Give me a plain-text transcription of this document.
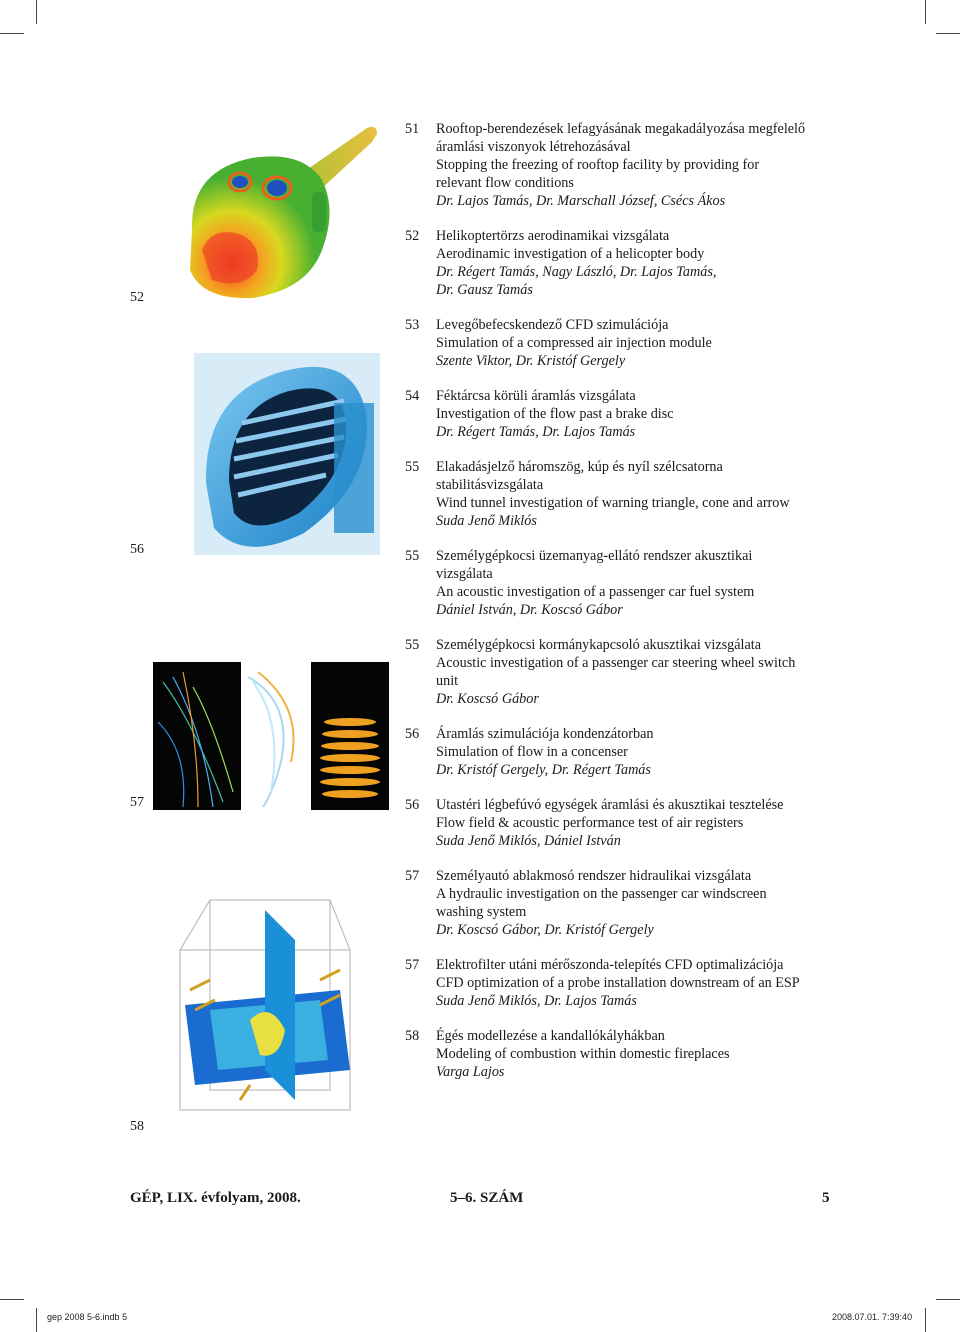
52
56
57
58
51 Rooftop-berendezések lefagyásának megakadályozása megfelelő
áramlási viszonyok létrehozásával
Stopping the freezing of rooftop facility by providing for
relevant flow conditions
Dr. Lajos Tamás, Dr. Marschall József, Csécs Ákos
52 Helikoptertörzs aerodinamikai vizsgálata
Aerodinamic investigation of a helicopter body
Dr. Régert Tamás, Nagy László, Dr. Lajos Tamás,
Dr. Gausz Tamás
53 Levegőbefecskendező CFD szimulációja
Simulation of a compressed air injection module
Szente Viktor, Dr. Kristóf Gergely
54 Féktárcsa körüli áramlás vizsgálata
Investigation of the flow past a brake disc
Dr. Régert Tamás, Dr. Lajos Tamás
55 Elakadásjelző háromszög, kúp és nyíl szélcsatorna
stabilitásvizsgálata
Wind tunnel investigation of warning triangle, cone and arrow
Suda Jenő Miklós
55 Személygépkocsi üzemanyag-ellátó rendszer akusztikai
vizsgálata
An acoustic investigation of a passenger car fuel system
Dániel István, Dr. Koscsó Gábor
55 Személygépkocsi kormánykapcsoló akusztikai vizsgálata
Acoustic investigation of a passenger car steering wheel switch
unit
Dr. Koscsó Gábor
56 Áramlás szimulációja kondenzátorban
Simulation of flow in a concenser
Dr. Kristóf Gergely, Dr. Régert Tamás
56 Utastéri légbefúvó egységek áramlási és akusztikai tesztelése
Flow field & acoustic performance test of air registers
Suda Jenő Miklós, Dániel István
57 Személyautó ablakmosó rendszer hidraulikai vizsgálata
A hydraulic investigation on the passenger car windscreen
washing system
Dr. Koscsó Gábor, Dr. Kristóf Gergely
57 Elektrofilter utáni mérőszonda-telepítés CFD optimalizációja
CFD optimization of a probe installation downstream of an ESP
Suda Jenő Miklós, Dr. Lajos Tamás
58 Égés modellezése a kandallókályhákban
Modeling of combustion within domestic fireplaces
Varga Lajos
GÉP, LIX. évfolyam, 2008.	5–6. SZÁM	5
gep 2008 5-6.indb 5	2008.07.01. 7:39:40
